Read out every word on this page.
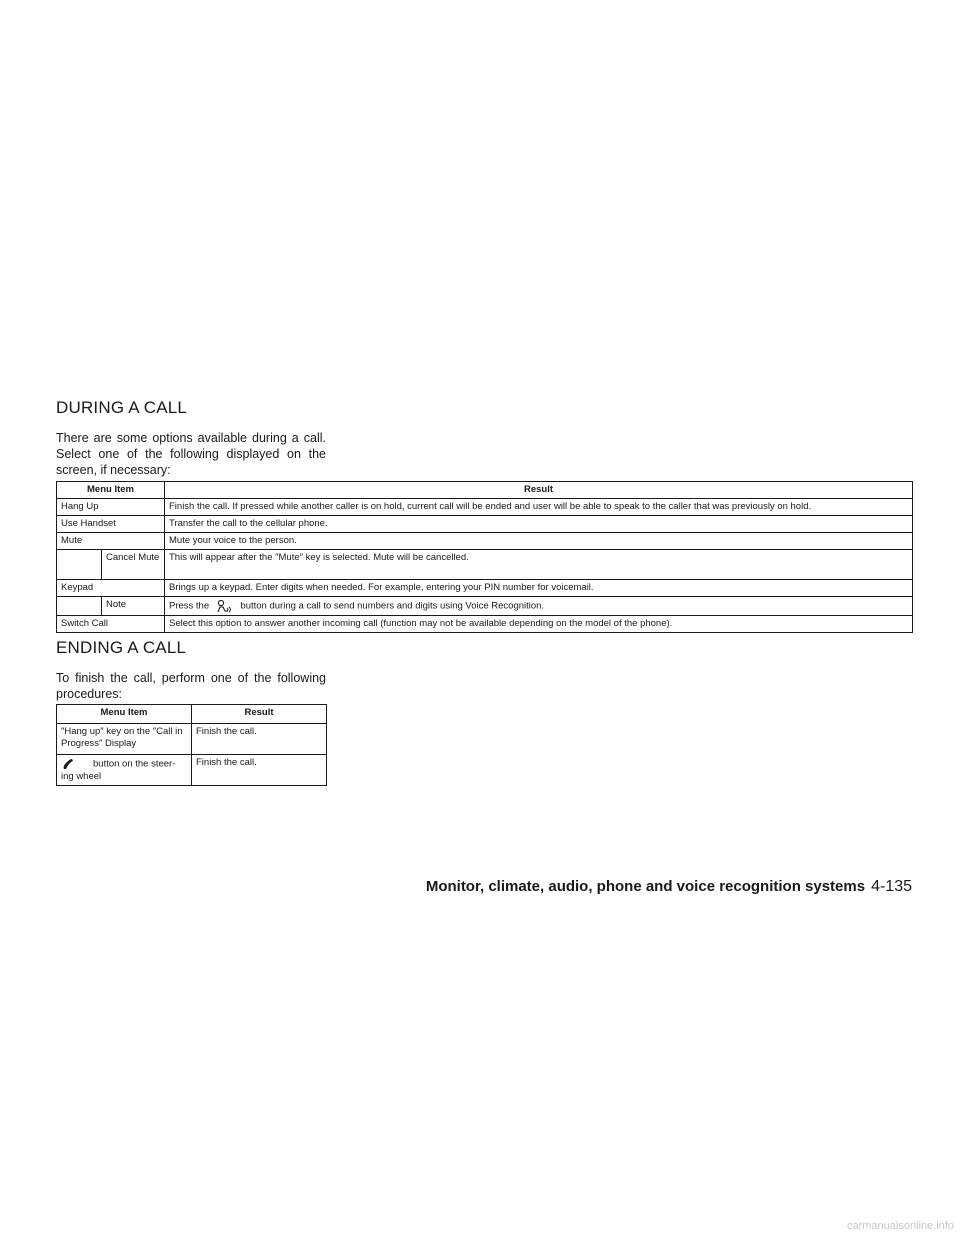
DURING A CALL

There are some options available during a call. Select one of the following displayed on the screen, if necessary:

Menu Item		Result
Hang Up		Finish the call. If pressed while another caller is on hold, current call will be ended and user will be able to speak to the caller that was previously on hold.
Use Handset		Transfer the call to the cellular phone.
Mute		Mute your voice to the person.
	Cancel Mute	This will appear after the ″Mute″ key is selected. Mute will be cancelled.
Keypad		Brings up a keypad. Enter digits when needed. For example, entering your PIN number for voicemail.
	Note	Press the button during a call to send numbers and digits using Voice Recognition.
Switch Call		Select this option to answer another incoming call (function may not be available depending on the model of the phone).
ENDING A CALL

To finish the call, perform one of the following procedures:

Menu Item	Result
″Hang up″ key on the ″Call in Progress″ Display	Finish the call.
button on the steer-ing wheel	Finish the call.
Monitor, climate, audio, phone and voice recognition systems 4-135
carmanualsonline.info
